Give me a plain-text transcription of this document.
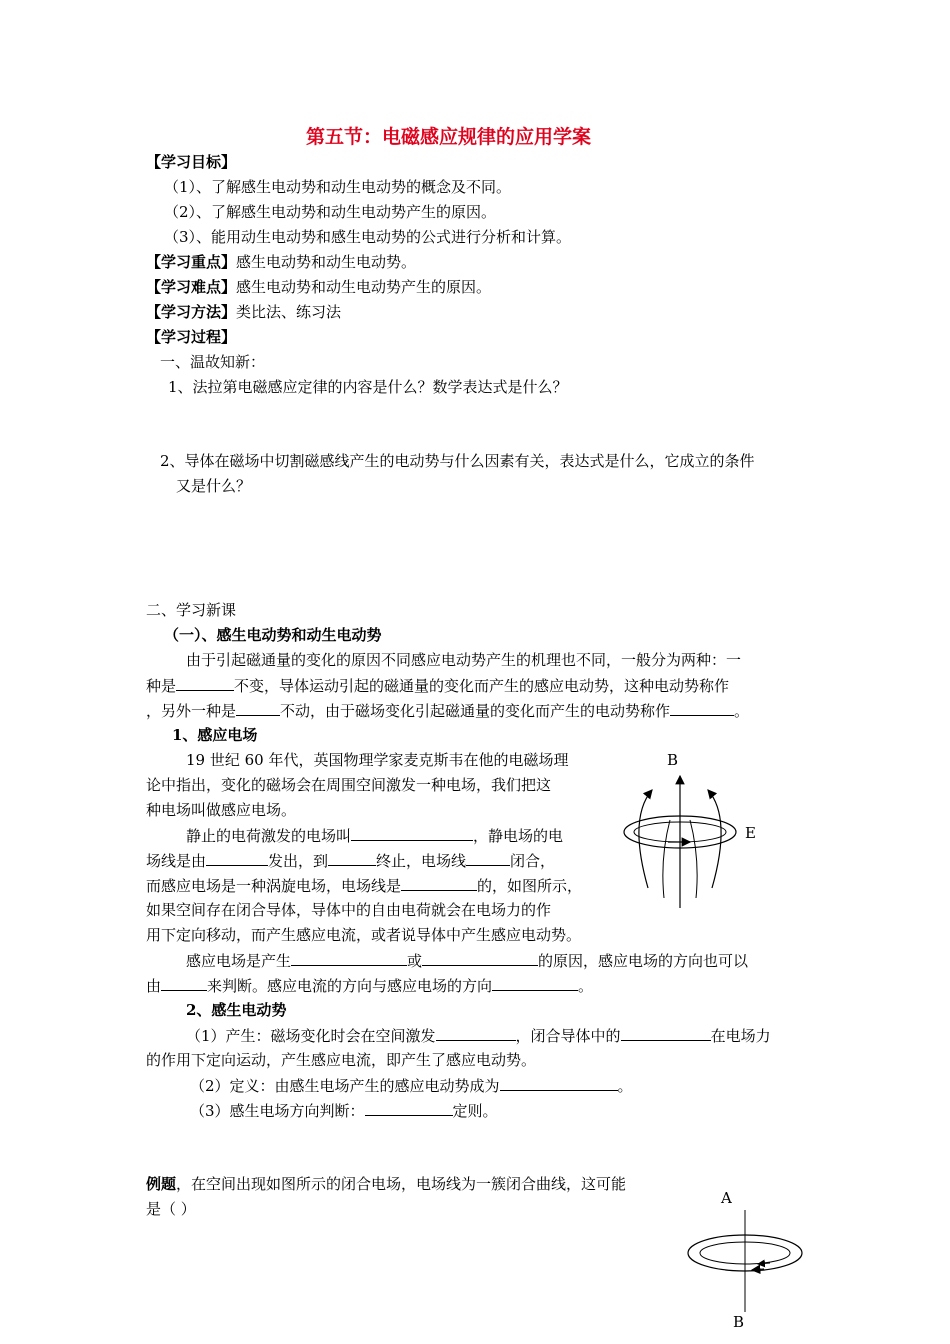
第五节：电磁感应规律的应用学案
【学习目标】
（1）、了解感生电动势和动生电动势的概念及不同。
（2）、了解感生电动势和动生电动势产生的原因。
（3）、能用动生电动势和感生电动势的公式进行分析和计算。
【学习重点】感生电动势和动生电动势。
【学习难点】感生电动势和动生电动势产生的原因。
【学习方法】类比法、练习法
【学习过程】
一、温故知新：
1、法拉第电磁感应定律的内容是什么？数学表达式是什么？
2、导体在磁场中切割磁感线产生的电动势与什么因素有关，表达式是什么，它成立的条件
又是什么？
二、学习新课
（一）、感生电动势和动生电动势
由于引起磁通量的变化的原因不同感应电动势产生的机理也不同，一般分为两种：一
种是	不变，导体运动引起的磁通量的变化而产生的感应电动势，这种电动势称作
，另外一种是	不动，由于磁场变化引起磁通量的变化而产生的电动势称作	。
1、感应电场
19 世纪 60 年代，英国物理学家麦克斯韦在他的电磁场理
论中指出，变化的磁场会在周围空间激发一种电场，我们把这
种电场叫做感应电场。
静止的电荷激发的电场叫	，静电场的电
场线是由	发出，到	终止，电场线	闭合，
而感应电场是一种涡旋电场，电场线是	的，如图所示，
如果空间存在闭合导体，导体中的自由电荷就会在电场力的作
用下定向移动，而产生感应电流，或者说导体中产生感应电动势。
感应电场是产生	或	的原因，感应电场的方向也可以
由	来判断。感应电流的方向与感应电场的方向	。
B
E
2、感生电动势
（1）产生：磁场变化时会在空间激发	，闭合导体中的	在电场力
的作用下定向运动，产生感应电流，即产生了感应电动势。
（2）定义：由感生电场产生的感应电动势成为	。
（3）感生电场方向判断：	定则。
例题，在空间出现如图所示的闭合电场，电场线为一簇闭合曲线，这可能
是（ ）
A
B
